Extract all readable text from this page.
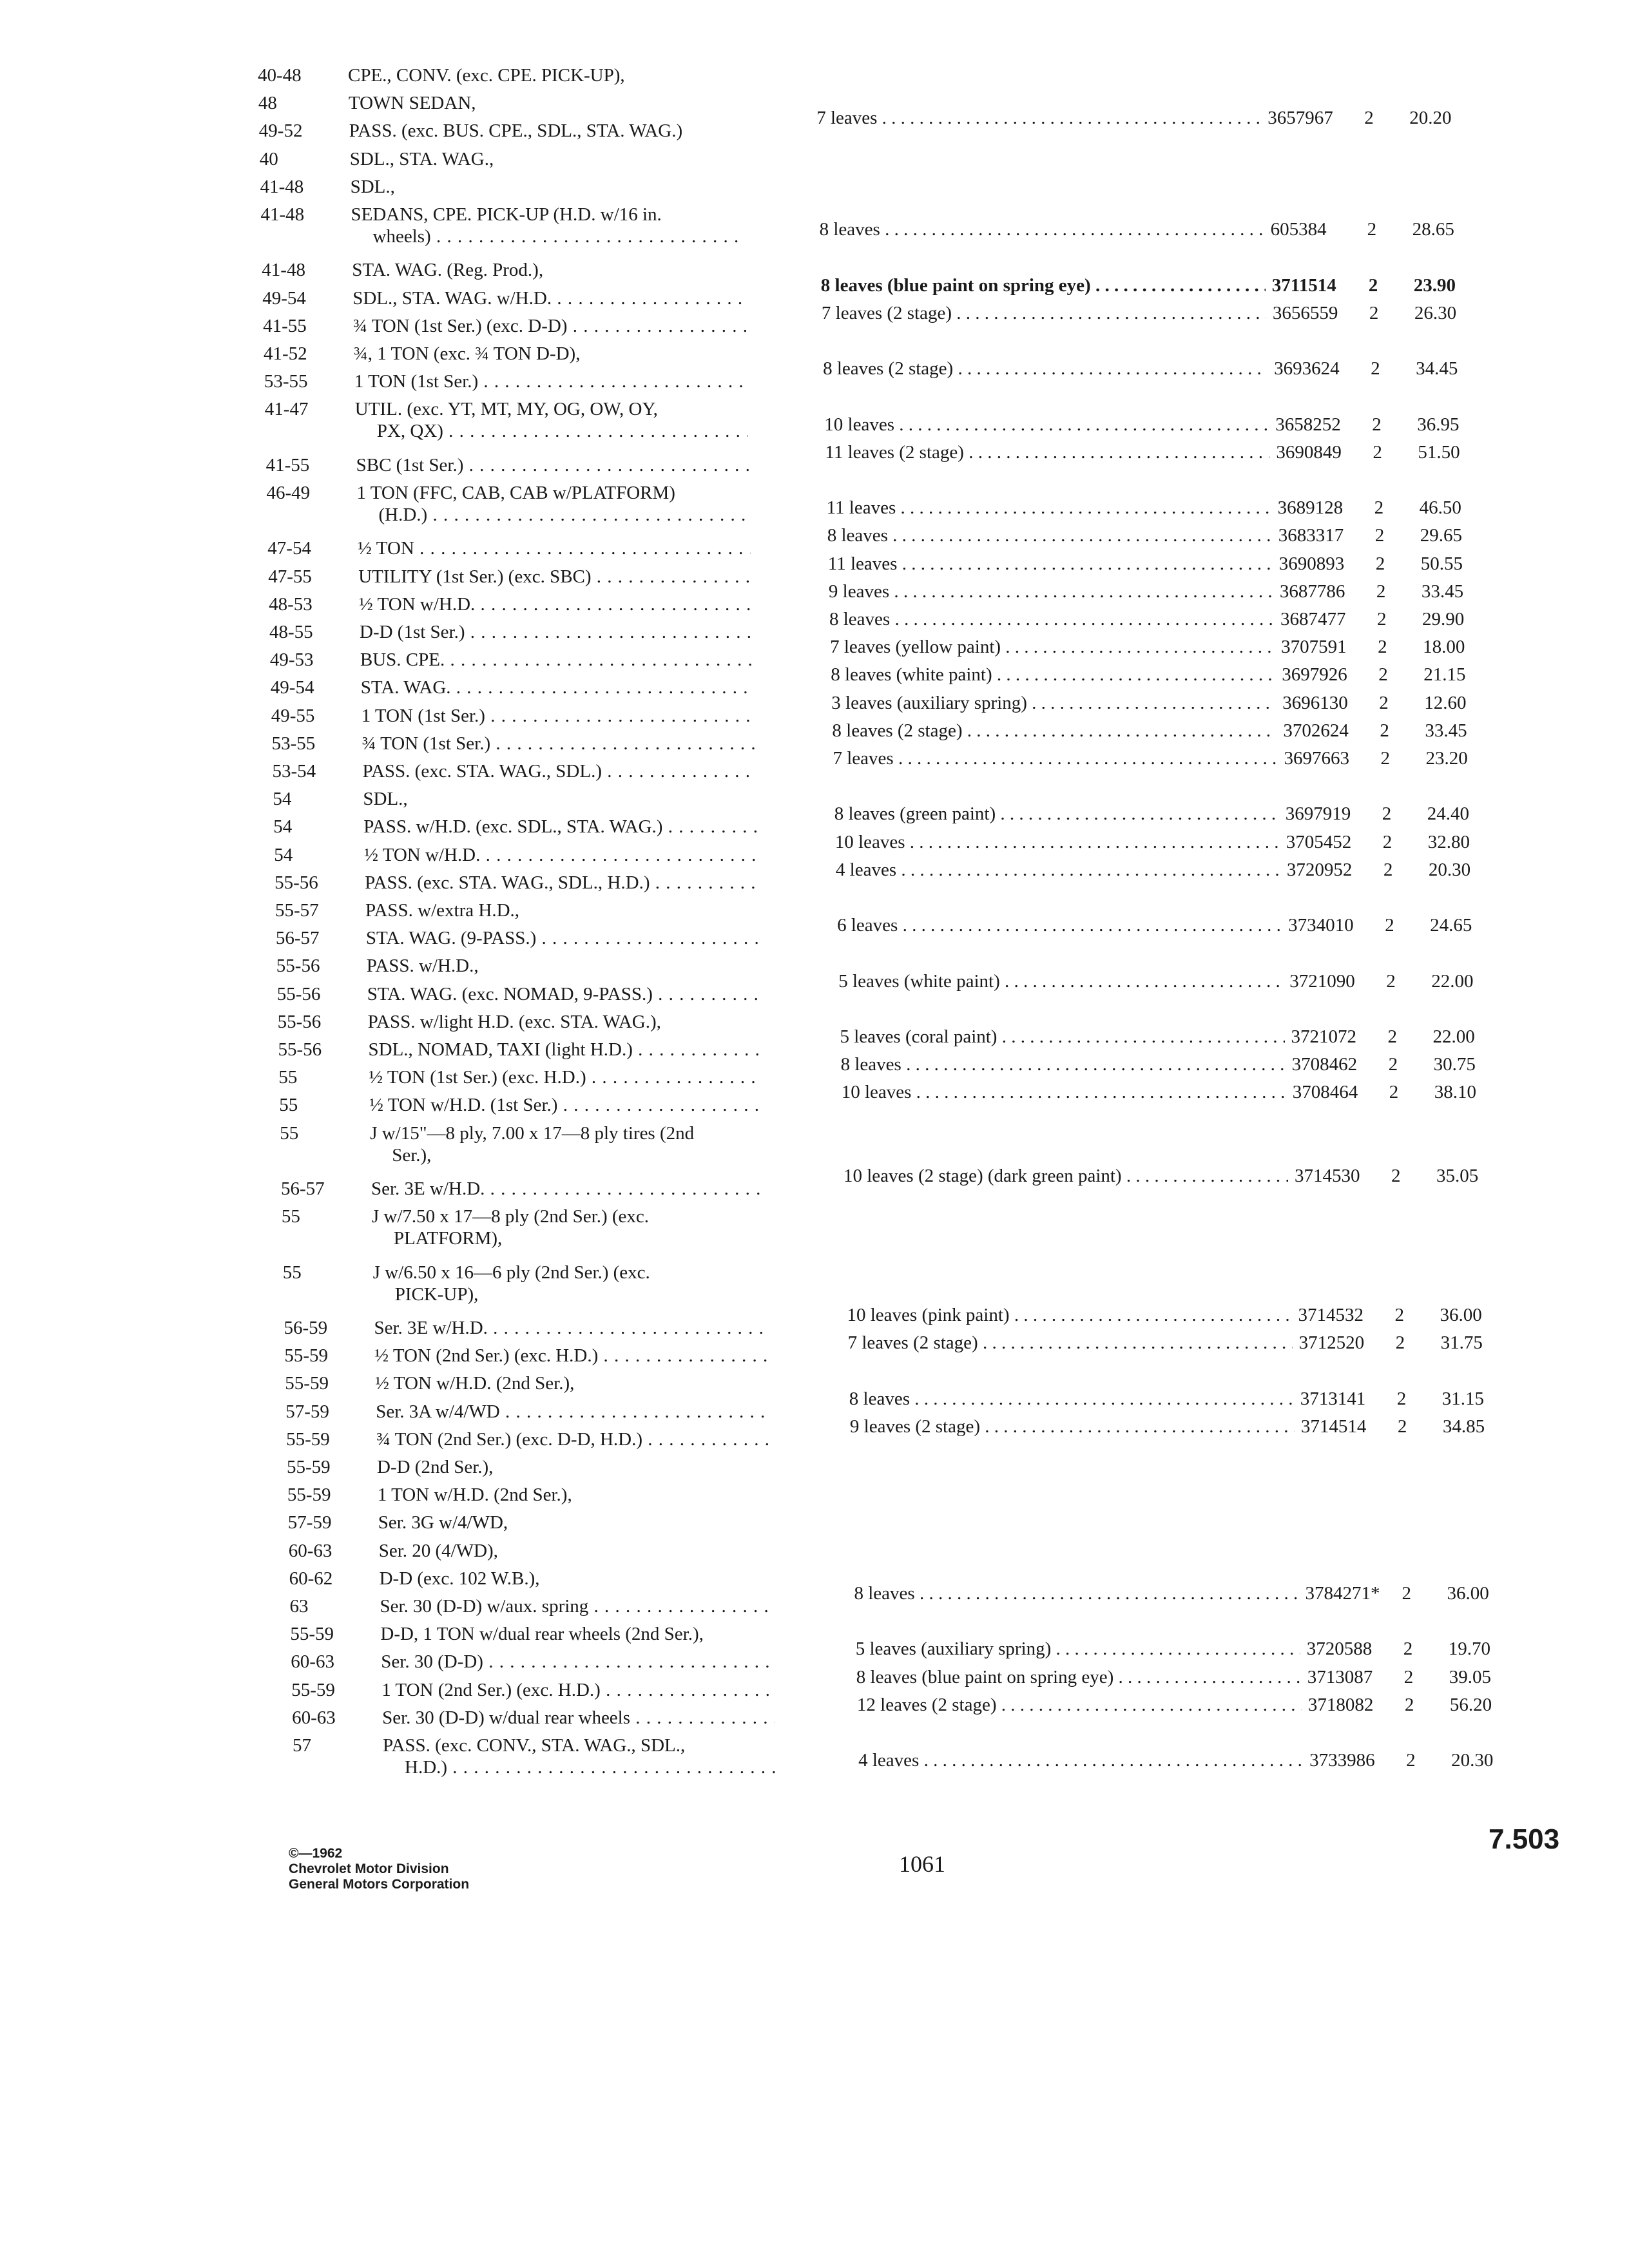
40-48 CPE., CONV. (exc. CPE. PICK-UP),
48	TOWN SEDAN,
49-52 PASS. (exc. BUS. CPE., SDL., STA. WAG.)
40	SDL., STA. WAG.,
41-48 SDL.,
41-48 SEDANS, CPE. PICK-UP (H.D. w/16 in.
wheels) . . .
41-48 STA. WAG. (Reg. Prod.),
49-54 SDL., STA. WAG. w/H.D. . . .
41-55 ¾ TON (1st Ser.) (exc. D-D) . . .
41-52 ¾, 1 TON (exc. ¾ TON D-D),
53-55 1 TON (1st Ser.) . . .
41-47 UTIL. (exc. YT, MT, MY, OG, OW, OY,
PX, QX) . . .
41-55 SBC (1st Ser.) . . .
46-49 1 TON (FFC, CAB, CAB w/PLATFORM)
(H.D.) . . .
47-54 ½ TON . . .
47-55 UTILITY (1st Ser.) (exc. SBC) . . .
48-53 ½ TON w/H.D. . . .
48-55 D-D (1st Ser.) . . .
49-53 BUS. CPE. . . .
49-54 STA. WAG. . . .
49-55 1 TON (1st Ser.) . . .
53-55 ¾ TON (1st Ser.) . . .
53-54 PASS. (exc. STA. WAG., SDL.) . . .
54	SDL.,
54	PASS. w/H.D. (exc. SDL., STA. WAG.) . . .
54	½ TON w/H.D. . . .
55-56 PASS. (exc. STA. WAG., SDL., H.D.) . . .
55-57 PASS. w/extra H.D.,
56-57 STA. WAG. (9-PASS.) . . .
55-56 PASS. w/H.D.,
55-56 STA. WAG. (exc. NOMAD, 9-PASS.) . . .
55-56 PASS. w/light H.D. (exc. STA. WAG.),
55-56 SDL., NOMAD, TAXI (light H.D.) . . .
55	½ TON (1st Ser.) (exc. H.D.) . . .
55	½ TON w/H.D. (1st Ser.) . . .
55	J w/15"—8 ply, 7.00 x 17—8 ply tires (2nd
Ser.),
56-57 Ser. 3E w/H.D. . . .
55	J w/7.50 x 17—8 ply (2nd Ser.) (exc.
PLATFORM),
55	J w/6.50 x 16—6 ply (2nd Ser.) (exc.
PICK-UP),
56-59 Ser. 3E w/H.D. . . .
55-59 ½ TON (2nd Ser.) (exc. H.D.) . . .
55-59 ½ TON w/H.D. (2nd Ser.),
57-59 Ser. 3A w/4/WD . . .
55-59 ¾ TON (2nd Ser.) (exc. D-D, H.D.) . . .
55-59 D-D (2nd Ser.),
55-59 1 TON w/H.D. (2nd Ser.),
57-59 Ser. 3G w/4/WD,
60-63 Ser. 20 (4/WD),
60-62 D-D (exc. 102 W.B.),
63	Ser. 30 (D-D) w/aux. spring . . .
55-59 D-D, 1 TON w/dual rear wheels (2nd Ser.),
60-63 Ser. 30 (D-D) . . .
55-59 1 TON (2nd Ser.) (exc. H.D.) . . .
60-63 Ser. 30 (D-D) w/dual rear wheels . . .
57	PASS. (exc. CONV., STA. WAG., SDL.,
H.D.) . . .
7 leaves . . .	3657967 2 20.20
8 leaves . . .	605384 2 28.65
8 leaves (blue paint on spring eye) . . .	3711514 2 23.90
7 leaves (2 stage) . . .	3656559 2 26.30
8 leaves (2 stage) . . .	3693624 2 34.45
10 leaves . . .	3658252 2 36.95
11 leaves (2 stage) . . .	3690849 2 51.50
11 leaves . . .	3689128 2 46.50
8 leaves . . .	3683317 2 29.65
11 leaves . . .	3690893 2 50.55
9 leaves . . .	3687786 2 33.45
8 leaves . . .	3687477 2 29.90
7 leaves (yellow paint) . . .	3707591 2 18.00
8 leaves (white paint) . . .	3697926 2 21.15
3 leaves (auxiliary spring) . . .	3696130 2 12.60
8 leaves (2 stage) . . .	3702624 2 33.45
7 leaves . . .	3697663 2 23.20
8 leaves (green paint) . . .	3697919 2 24.40
10 leaves . . .	3705452 2 32.80
4 leaves . . .	3720952 2 20.30
6 leaves . . .	3734010 2 24.65
5 leaves (white paint) . . .	3721090 2 22.00
5 leaves (coral paint) . . .	3721072 2 22.00
8 leaves . . .	3708462 2 30.75
10 leaves . . .	3708464 2 38.10
10 leaves (2 stage) (dark green paint) . . .	3714530 2 35.05
10 leaves (pink paint) . . .	3714532 2 36.00
7 leaves (2 stage) . . .	3712520 2 31.75
8 leaves . . .	3713141 2 31.15
9 leaves (2 stage) . . .	3714514 2 34.85
8 leaves . . .	3784271* 2 36.00
5 leaves (auxiliary spring) . . .	3720588 2 19.70
8 leaves (blue paint on spring eye) . . .	3713087 2 39.05
12 leaves (2 stage) . . .	3718082 2 56.20
4 leaves . . .	3733986 2 20.30
©—1962
Chevrolet Motor Division
General Motors Corporation
1061
7.503
